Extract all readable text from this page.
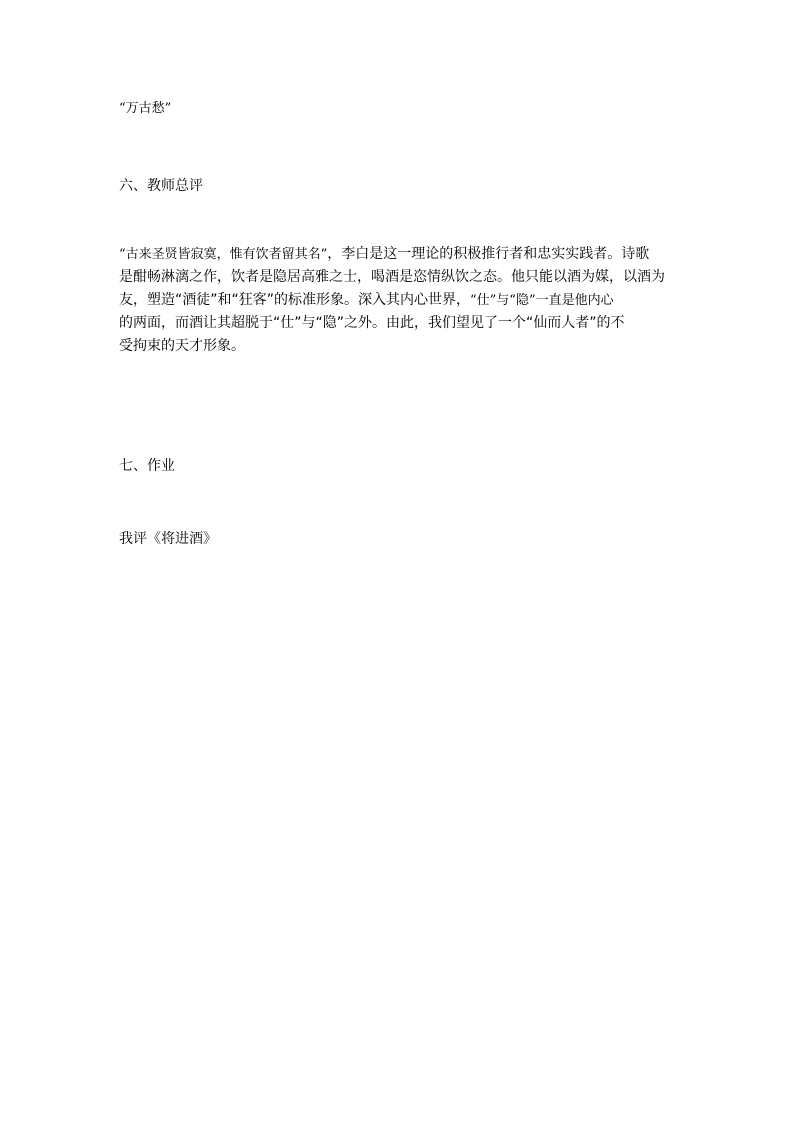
“万古愁”

六、教师总评

“古来圣贤皆寂寞，惟有饮者留其名”，李白是这一理论的积极推行者和忠实实践者。诗歌
是酣畅淋漓之作，饮者是隐居高雅之士，喝酒是恣情纵饮之态。他只能以酒为媒，以酒为
友，塑造“酒徒”和“狂客”的标准形象。深入其内心世界，“仕”与“隐”一直是他内心
的两面，而酒让其超脱于“仕”与“隐”之外。由此，我们望见了一个“仙而人者”的不
受拘束的天才形象。

七、作业

我评《将进酒》
